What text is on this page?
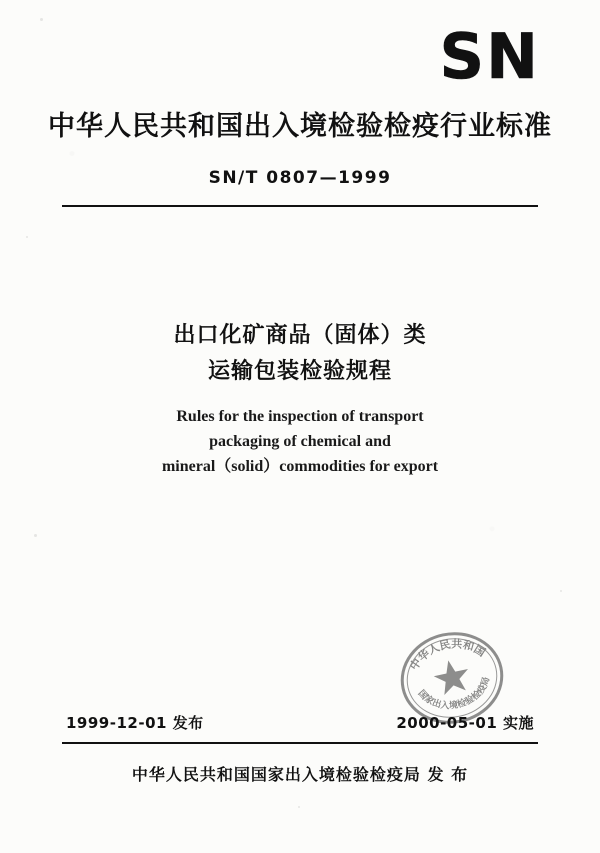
SN
中华人民共和国出入境检验检疫行业标准
SN/T 0807—1999
出口化矿商品（固体）类
运输包装检验规程
Rules for the inspection of transport
packaging of chemical and
mineral（solid）commodities for export
中华人民共和国
国家出入境检验检疫局
1999-12-01 发布	2000-05-01 实施
中华人民共和国国家出入境检验检疫局 发 布
